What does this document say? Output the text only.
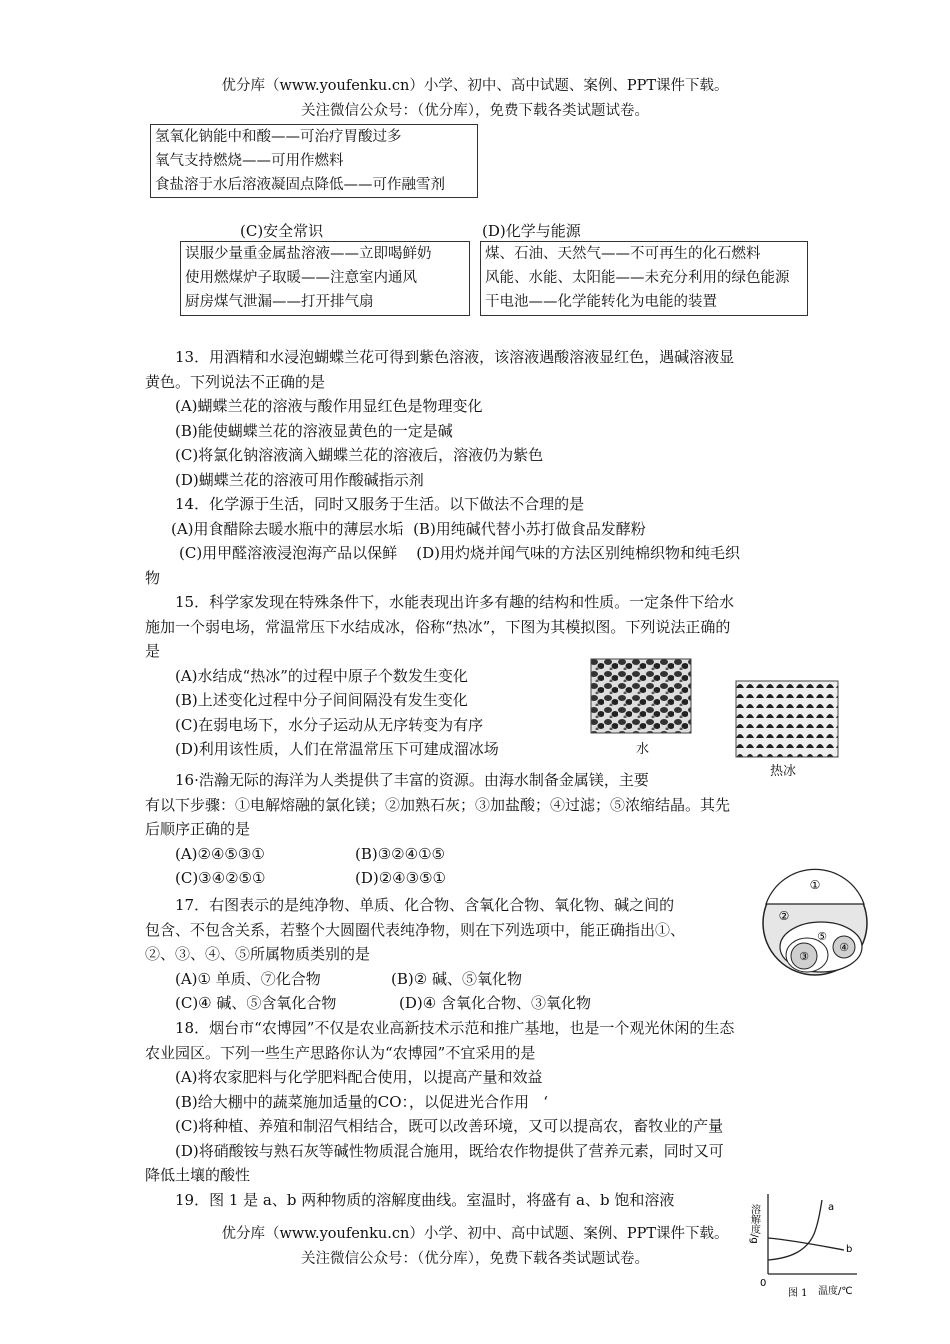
优分库（www.youfenku.cn）小学、初中、高中试题、案例、PPT课件下载。
关注微信公众号：（优分库），免费下载各类试题试卷。
氢氧化钠能中和酸——可治疗胃酸过多
氧气支持燃烧——可用作燃料
食盐溶于水后溶液凝固点降低——可作融雪剂
(C)安全常识
误服少量重金属盐溶液——立即喝鲜奶
使用燃煤炉子取暖——注意室内通风
厨房煤气泄漏——打开排气扇
(D)化学与能源
煤、石油、天然气——不可再生的化石燃料
风能、水能、太阳能——未充分利用的绿色能源
干电池——化学能转化为电能的装置
13．用酒精和水浸泡蝴蝶兰花可得到紫色溶液，该溶液遇酸溶液显红色，遇碱溶液显
黄色。下列说法不正确的是
(A)蝴蝶兰花的溶液与酸作用显红色是物理变化
(B)能使蝴蝶兰花的溶液显黄色的一定是碱
(C)将氯化钠溶液滴入蝴蝶兰花的溶液后，溶液仍为紫色
(D)蝴蝶兰花的溶液可用作酸碱指示剂
14．化学源于生活，同时又服务于生活。以下做法不合理的是
(A)用食醋除去暖水瓶中的薄层水垢  (B)用纯碱代替小苏打做食品发酵粉
(C)用甲醛溶液浸泡海产品以保鲜    (D)用灼烧并闻气味的方法区别纯棉织物和纯毛织
物
15．科学家发现在特殊条件下，水能表现出许多有趣的结构和性质。一定条件下给水
施加一个弱电场，常温常压下水结成冰，俗称“热冰”，下图为其模拟图。下列说法正确的
是
(A)水结成“热冰”的过程中原子个数发生变化
(B)上述变化过程中分子间间隔没有发生变化
(C)在弱电场下，水分子运动从无序转变为有序
(D)利用该性质，人们在常温常压下可建成溜冰场	水
热冰
16·浩瀚无际的海洋为人类提供了丰富的资源。由海水制备金属镁，主要
有以下步骤：①电解熔融的氯化镁；②加熟石灰；③加盐酸；④过滤；⑤浓缩结晶。其先
后顺序正确的是
(A)②④⑤③①	(B)③②④①⑤
(C)③④②⑤①	(D)②④③⑤①
17．右图表示的是纯净物、单质、化合物、含氧化合物、氧化物、碱之间的
包含、不包含关系，若整个大圆圈代表纯净物，则在下列选项中，能正确指出①、
②、③、④、⑤所属物质类别的是
(A)① 单质、⑦化合物	(B)② 碱、⑤氧化物
(C)④ 碱、⑤含氧化合物	(D)④ 含氧化合物、③氧化物
①
②
⑤
④
③
18．烟台市“农博园”不仅是农业高新技术示范和推广基地，也是一个观光休闲的生态
农业园区。下列一些生产思路你认为“农博园”不宜采用的是
(A)将农家肥料与化学肥料配合使用，以提高产量和效益
(B)给大棚中的蔬菜施加适量的CO：，以促进光合作用   ‘
(C)将种植、养殖和制沼气相结合，既可以改善环境，又可以提高农，畜牧业的产量
(D)将硝酸铵与熟石灰等碱性物质混合施用，既给农作物提供了营养元素，同时又可
降低土壤的酸性
19．图 1 是 a、b 两种物质的溶解度曲线。室温时，将盛有 a、b 饱和溶液
优分库（www.youfenku.cn）小学、初中、高中试题、案例、PPT课件下载。
关注微信公众号：（优分库），免费下载各类试题试卷。
溶解度/g	a
b
0
图 1 温度/℃
